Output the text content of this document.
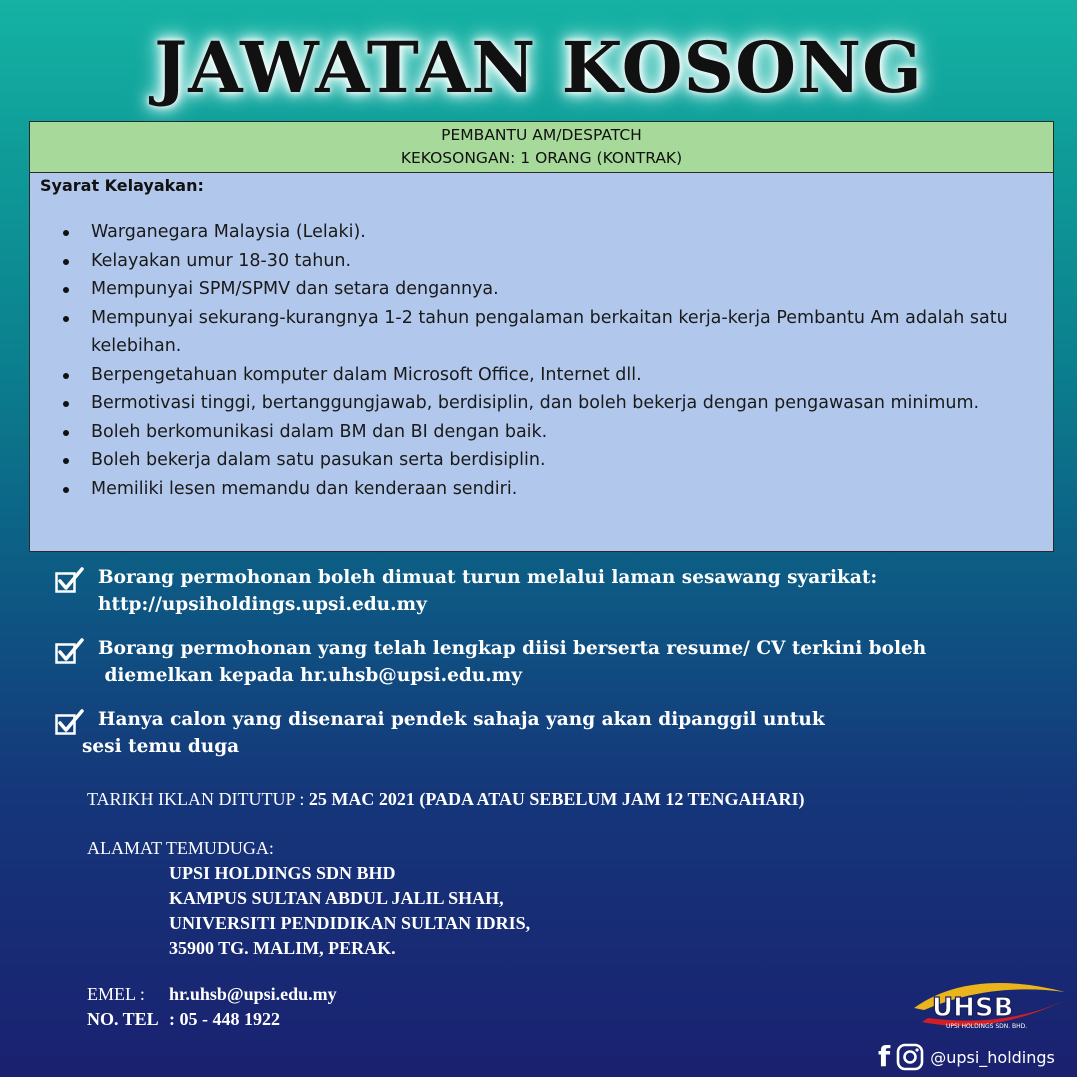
JAWATAN KOSONG
PEMBANTU AM/DESPATCH
KEKOSONGAN: 1 ORANG (KONTRAK)
Syarat Kelayakan:
Warganegara Malaysia (Lelaki).
Kelayakan umur 18-30 tahun.
Mempunyai SPM/SPMV dan setara dengannya.
Mempunyai sekurang-kurangnya 1-2 tahun pengalaman berkaitan kerja-kerja Pembantu Am adalah satu kelebihan.
Berpengetahuan komputer dalam Microsoft Office, Internet dll.
Bermotivasi tinggi, bertanggungjawab, berdisiplin, dan boleh bekerja dengan pengawasan minimum.
Boleh berkomunikasi dalam BM dan BI dengan baik.
Boleh bekerja dalam satu pasukan serta berdisiplin.
Memiliki lesen memandu dan kenderaan sendiri.
Borang permohonan boleh dimuat turun melalui laman sesawang syarikat:
http://upsiholdings.upsi.edu.my
Borang permohonan yang telah lengkap diisi berserta resume/ CV terkini boleh
diemelkan kepada hr.uhsb@upsi.edu.my
Hanya calon yang disenarai pendek sahaja yang akan dipanggil untuk
sesi temu duga
TARIKH IKLAN DITUTUP : 25 MAC 2021 (PADA ATAU SEBELUM JAM 12 TENGAHARI)
ALAMAT TEMUDUGA:
UPSI HOLDINGS SDN BHD
KAMPUS SULTAN ABDUL JALIL SHAH,
UNIVERSITI PENDIDIKAN SULTAN IDRIS,
35900 TG. MALIM, PERAK.
EMEL : hr.uhsb@upsi.edu.my
NO. TEL : 05 - 448 1922	UHSB
UPSI HOLDINGS SDN. BHD.
f	@upsi_holdings
